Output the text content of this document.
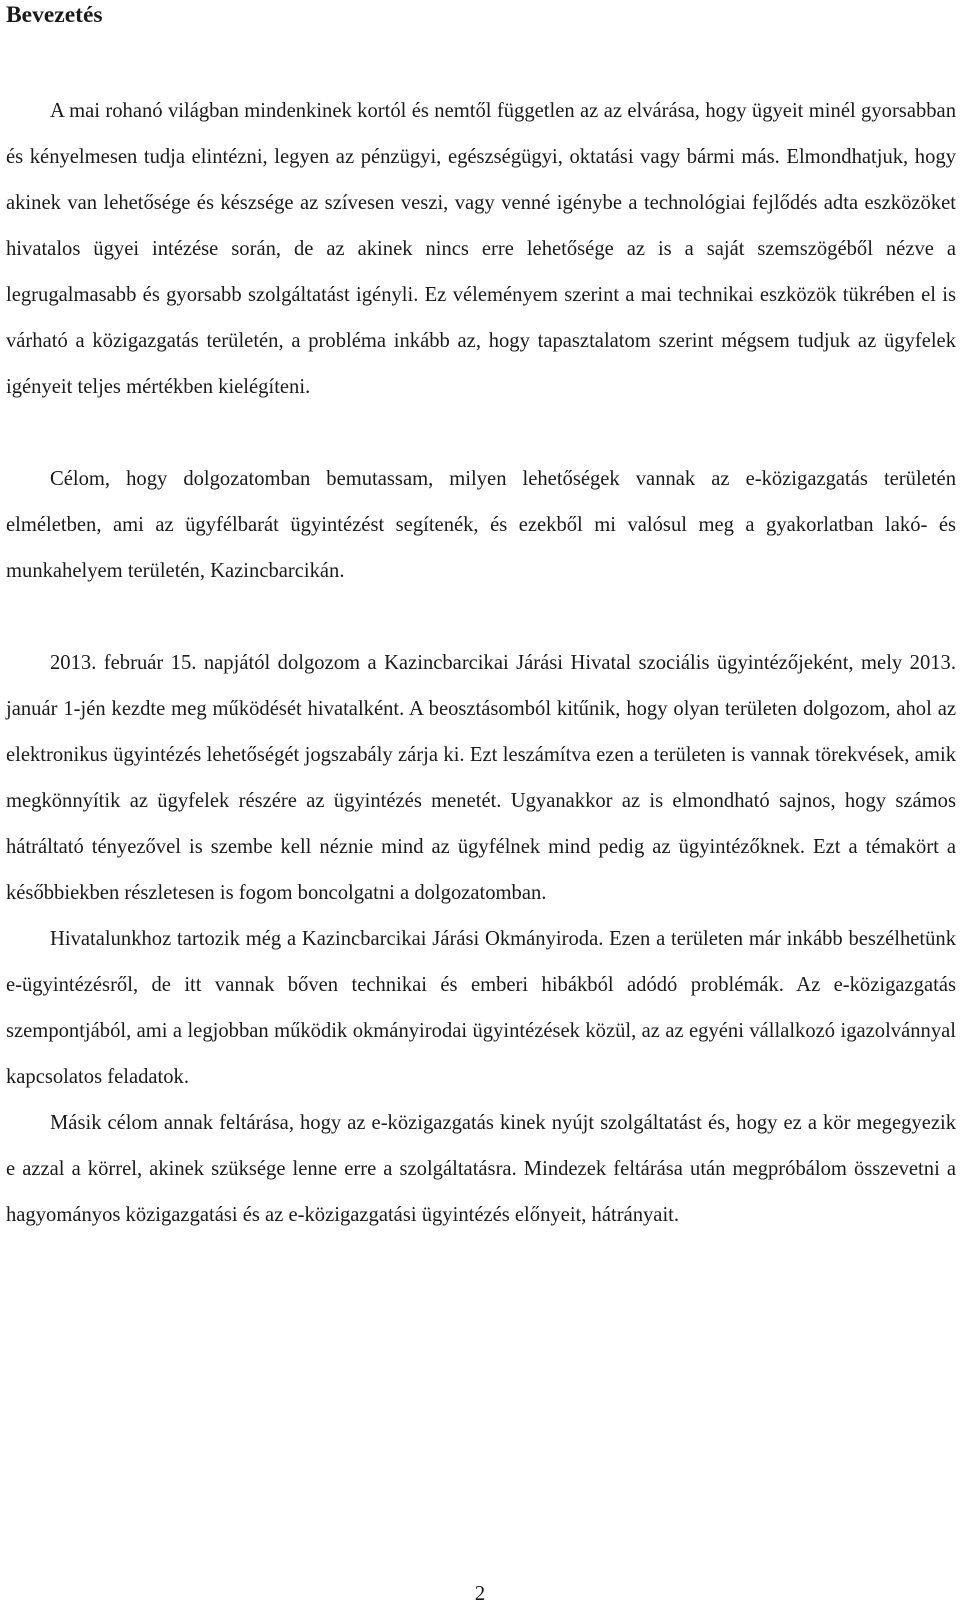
Bevezetés

A mai rohanó világban mindenkinek kortól és nemtől független az az elvárása, hogy ügyeit minél gyorsabban és kényelmesen tudja elintézni, legyen az pénzügyi, egészségügyi, oktatási vagy bármi más. Elmondhatjuk, hogy akinek van lehetősége és készsége az szívesen veszi, vagy venné igénybe a technológiai fejlődés adta eszközöket hivatalos ügyei intézése során, de az akinek nincs erre lehetősége az is a saját szemszögéből nézve a legrugalmasabb és gyorsabb szolgáltatást igényli. Ez véleményem szerint a mai technikai eszközök tükrében el is várható a közigazgatás területén, a probléma inkább az, hogy tapasztalatom szerint mégsem tudjuk az ügyfelek igényeit teljes mértékben kielégíteni.

Célom, hogy dolgozatomban bemutassam, milyen lehetőségek vannak az e-közigazgatás területén elméletben, ami az ügyfélbarát ügyintézést segítenék, és ezekből mi valósul meg a gyakorlatban lakó- és munkahelyem területén, Kazincbarcikán.

2013. február 15. napjától dolgozom a Kazincbarcikai Járási Hivatal szociális ügyintézőjeként, mely 2013. január 1-jén kezdte meg működését hivatalként. A beosztásomból kitűnik, hogy olyan területen dolgozom, ahol az elektronikus ügyintézés lehetőségét jogszabály zárja ki. Ezt leszámítva ezen a területen is vannak törekvések, amik megkönnyítik az ügyfelek részére az ügyintézés menetét. Ugyanakkor az is elmondható sajnos, hogy számos hátráltató tényezővel is szembe kell néznie mind az ügyfélnek mind pedig az ügyintézőknek. Ezt a témakört a későbbiekben részletesen is fogom boncolgatni a dolgozatomban.

Hivatalunkhoz tartozik még a Kazincbarcikai Járási Okmányiroda. Ezen a területen már inkább beszélhetünk e-ügyintézésről, de itt vannak bőven technikai és emberi hibákból adódó problémák. Az e-közigazgatás szempontjából, ami a legjobban működik okmányirodai ügyintézések közül, az az egyéni vállalkozó igazolvánnyal kapcsolatos feladatok.

Másik célom annak feltárása, hogy az e-közigazgatás kinek nyújt szolgáltatást és, hogy ez a kör megegyezik e azzal a körrel, akinek szüksége lenne erre a szolgáltatásra. Mindezek feltárása után megpróbálom összevetni a hagyományos közigazgatási és az e-közigazgatási ügyintézés előnyeit, hátrányait.

2
